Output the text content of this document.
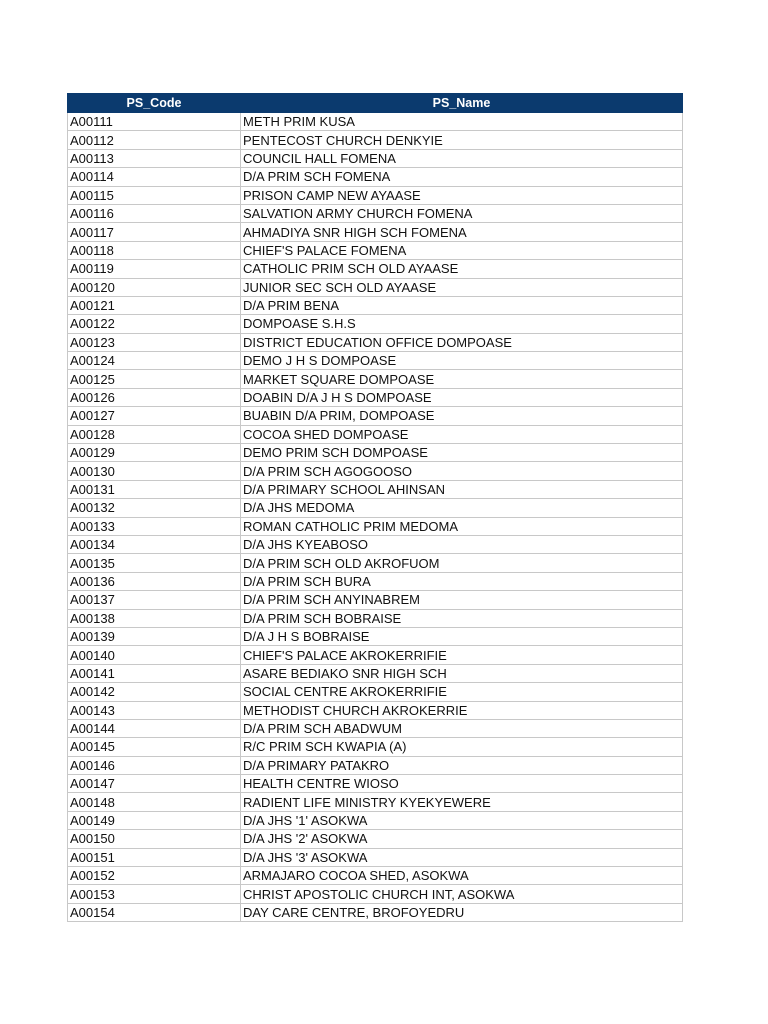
PS_Code	PS_Name
A00111	METH PRIM KUSA
A00112	PENTECOST CHURCH DENKYIE
A00113	COUNCIL HALL FOMENA
A00114	D/A PRIM SCH FOMENA
A00115	PRISON CAMP NEW AYAASE
A00116	SALVATION ARMY CHURCH FOMENA
A00117	AHMADIYA SNR HIGH SCH FOMENA
A00118	CHIEF'S PALACE FOMENA
A00119	CATHOLIC PRIM SCH OLD AYAASE
A00120	JUNIOR SEC SCH OLD AYAASE
A00121	D/A PRIM BENA
A00122	DOMPOASE S.H.S
A00123	DISTRICT EDUCATION OFFICE DOMPOASE
A00124	DEMO J H S DOMPOASE
A00125	MARKET SQUARE DOMPOASE
A00126	DOABIN D/A J H S DOMPOASE
A00127	BUABIN D/A PRIM, DOMPOASE
A00128	COCOA SHED DOMPOASE
A00129	DEMO PRIM SCH DOMPOASE
A00130	D/A PRIM SCH AGOGOOSO
A00131	D/A PRIMARY SCHOOL AHINSAN
A00132	D/A JHS MEDOMA
A00133	ROMAN CATHOLIC PRIM MEDOMA
A00134	D/A JHS KYEABOSO
A00135	D/A PRIM SCH OLD AKROFUOM
A00136	D/A PRIM SCH BURA
A00137	D/A PRIM SCH ANYINABREM
A00138	D/A PRIM SCH BOBRAISE
A00139	D/A J H S BOBRAISE
A00140	CHIEF'S PALACE AKROKERRIFIE
A00141	ASARE BEDIAKO SNR HIGH SCH
A00142	SOCIAL CENTRE AKROKERRIFIE
A00143	METHODIST CHURCH AKROKERRIE
A00144	D/A PRIM SCH ABADWUM
A00145	R/C PRIM SCH KWAPIA (A)
A00146	D/A PRIMARY PATAKRO
A00147	HEALTH CENTRE WIOSO
A00148	RADIENT LIFE MINISTRY KYEKYEWERE
A00149	D/A JHS '1' ASOKWA
A00150	D/A JHS '2' ASOKWA
A00151	D/A JHS '3' ASOKWA
A00152	ARMAJARO COCOA SHED, ASOKWA
A00153	CHRIST APOSTOLIC CHURCH INT, ASOKWA
A00154	DAY CARE CENTRE, BROFOYEDRU
